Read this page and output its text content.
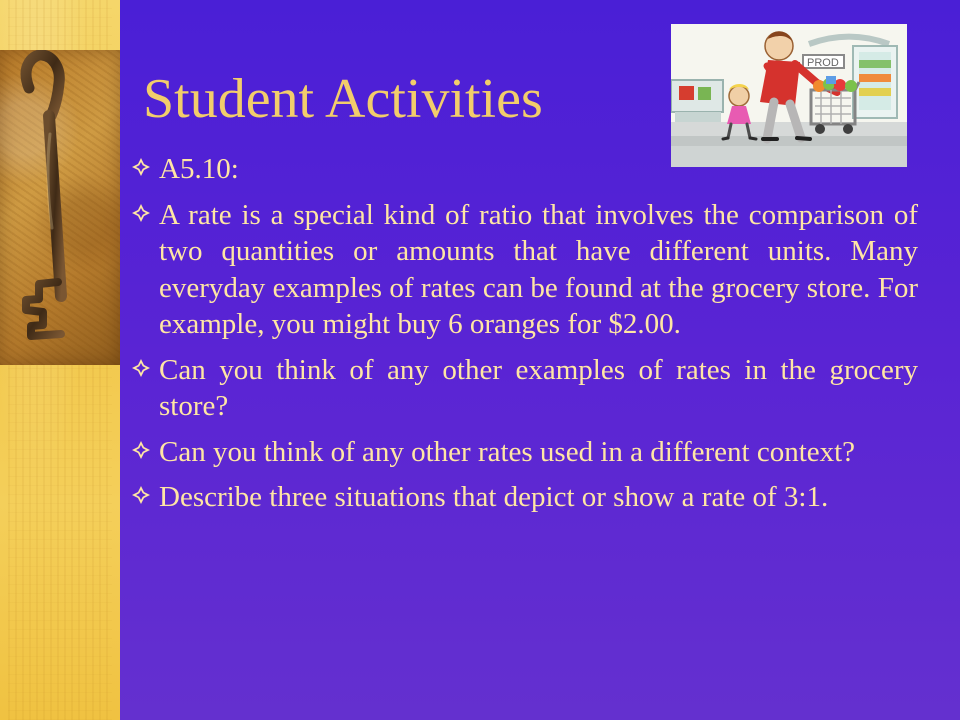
Student Activities
PROD
A5.10:
A rate is a special kind of ratio that involves the comparison of two quantities or amounts that have different units. Many everyday examples of rates can be found at the grocery store. For example, you might buy 6 oranges for $2.00.
Can you think of any other examples of rates in the grocery store?
Can you think of any other rates used in a different context?
Describe three situations that depict or show a rate of 3:1.
